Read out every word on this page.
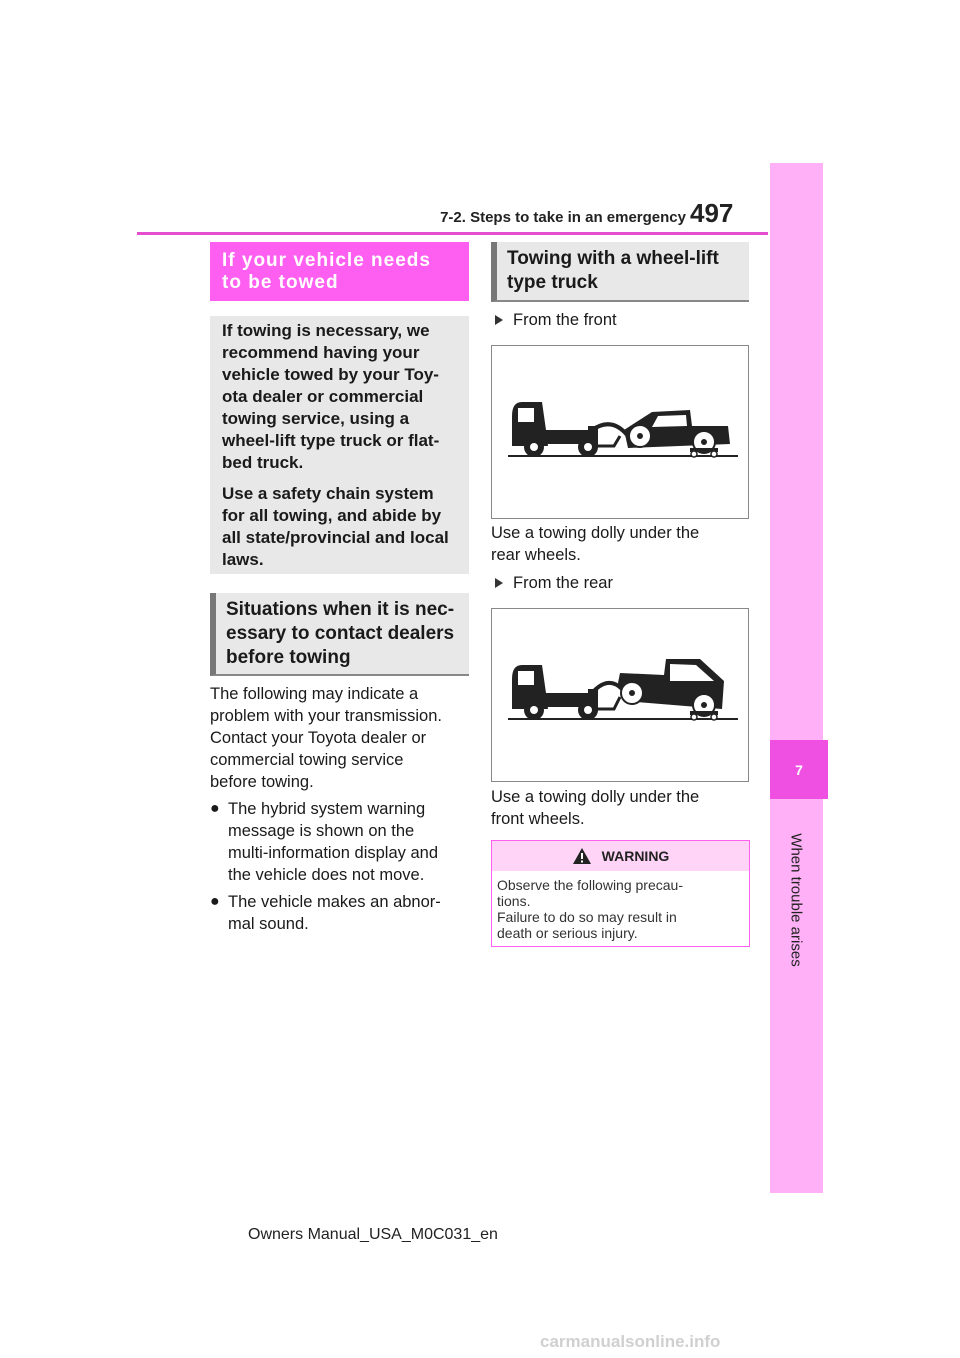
7-2. Steps to take in an emergency 497
7
When trouble arises
If your vehicle needs to be towed

If towing is necessary, we
recommend having your
vehicle towed by your Toy-
ota dealer or commercial
towing service, using a
wheel-lift type truck or flat-
bed truck.

Use a safety chain system
for all towing, and abide by
all state/provincial and local
laws.

Situations when it is nec-
essary to contact dealers
before towing
The following may indicate a
problem with your transmission.
Contact your Toyota dealer or
commercial towing service
before towing.
● The hybrid system warning
message is shown on the
multi-information display and
the vehicle does not move.
● The vehicle makes an abnor-
mal sound.
Towing with a wheel-lift
type truck
From the front
Use a towing dolly under the
rear wheels.
From the rear
Use a towing dolly under the
front wheels.
WARNING
Observe the following precau-
tions.
Failure to do so may result in
death or serious injury.
Owners Manual_USA_M0C031_en
carmanualsonline.info
